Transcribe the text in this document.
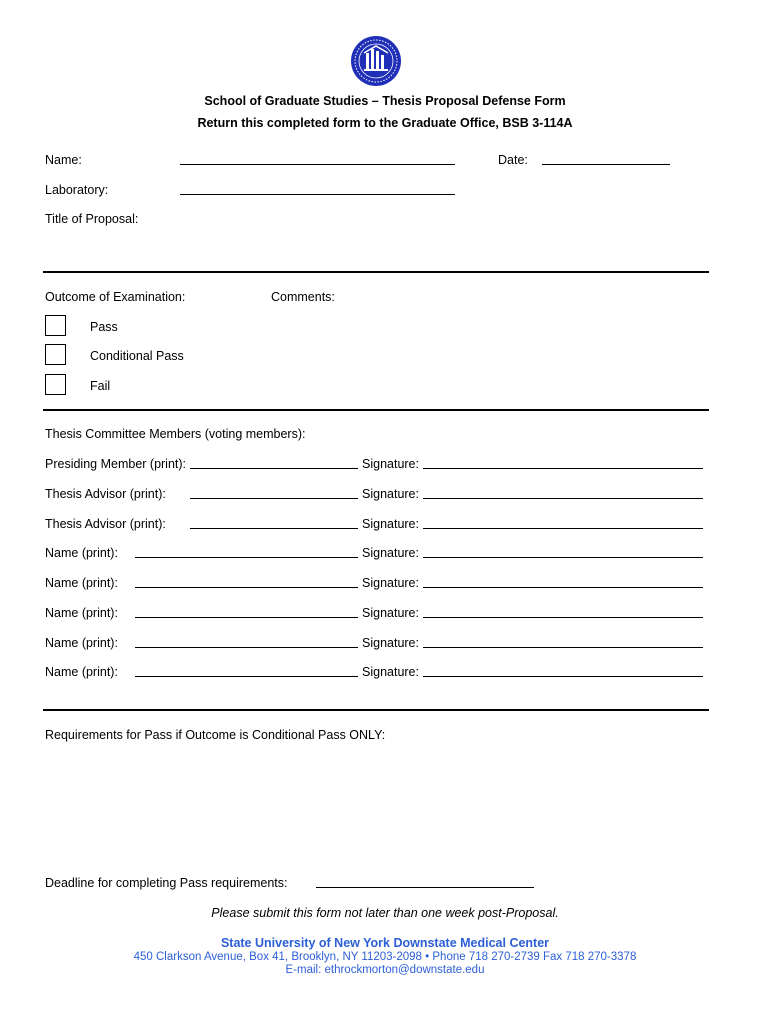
School of Graduate Studies – Thesis Proposal Defense Form
Return this completed form to the Graduate Office, BSB 3-114A
Name:	Date:
Laboratory:
Title of Proposal:
Outcome of Examination:	Comments:
Pass
Conditional Pass
Fail
Thesis Committee Members (voting members):
Presiding Member (print):	Signature:
Thesis Advisor (print):	Signature:
Thesis Advisor (print):	Signature:
Name (print):	Signature:
Name (print):	Signature:
Name (print):	Signature:
Name (print):	Signature:
Name (print):	Signature:
Requirements for Pass if Outcome is Conditional Pass ONLY:
Deadline for completing Pass requirements:
Please submit this form not later than one week post-Proposal.
State University of New York Downstate Medical Center
450 Clarkson Avenue, Box 41, Brooklyn, NY 11203-2098 • Phone 718 270-2739 Fax 718 270-3378
E-mail: ethrockmorton@downstate.edu
